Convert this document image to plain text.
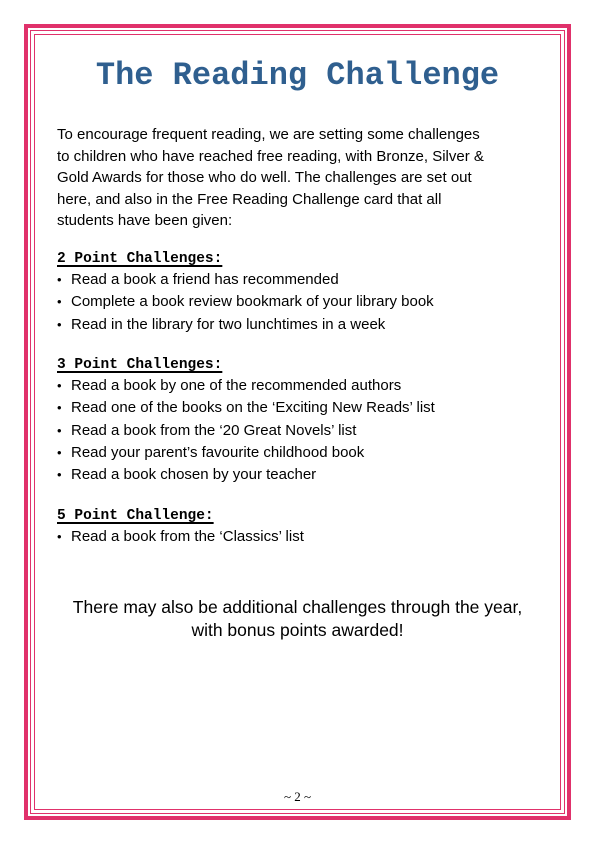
The Reading Challenge

To encourage frequent reading, we are setting some challenges
to children who have reached free reading, with Bronze, Silver &
Gold Awards for those who do well. The challenges are set out
here, and also in the Free Reading Challenge card that all
students have been given:

2 Point Challenges:

• Read a book a friend has recommended
• Complete a book review bookmark of your library book
• Read in the library for two lunchtimes in a week

3 Point Challenges:

• Read a book by one of the recommended authors
• Read one of the books on the ‘Exciting New Reads’ list
• Read a book from the ‘20 Great Novels’ list
• Read your parent’s favourite childhood book
• Read a book chosen by your teacher

5 Point Challenge:

• Read a book from the ‘Classics’ list

There may also be additional challenges through the year,
with bonus points awarded!

~ 2 ~
